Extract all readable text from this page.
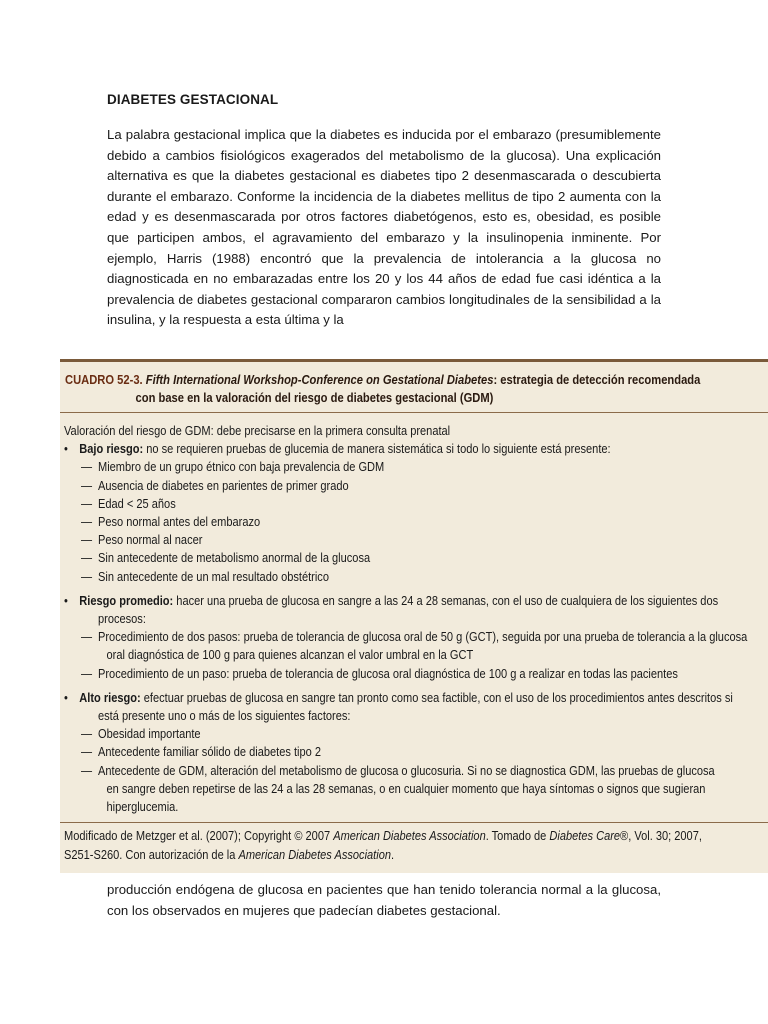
DIABETES GESTACIONAL

La palabra gestacional implica que la diabetes es inducida por el embarazo (presumiblemente debido a cambios fisiológicos exagerados del metabolismo de la glucosa). Una explicación alternativa es que la diabetes gestacional es diabetes tipo 2 desenmascarada o descubierta durante el embarazo. Conforme la incidencia de la diabetes mellitus de tipo 2 aumenta con la edad y es desenmascarada por otros factores diabetógenos, esto es, obesidad, es posible que participen ambos, el agravamiento del embarazo y la insulinopenia inminente. Por ejemplo, Harris (1988) encontró que la prevalencia de intolerancia a la glucosa no diagnosticada en no embarazadas entre los 20 y los 44 años de edad fue casi idéntica a la prevalencia de diabetes gestacional compararon cambios longitudinales de la sensibilidad a la insulina, y la respuesta a esta última y la

CUADRO 52-3. Fifth International Workshop-Conference on Gestational Diabetes: estrategia de detección recomendada
con base en la valoración del riesgo de diabetes gestacional (GDM)
Valoración del riesgo de GDM: debe precisarse en la primera consulta prenatal
• Bajo riesgo: no se requieren pruebas de glucemia de manera sistemática si todo lo siguiente está presente:
— Miembro de un grupo étnico con baja prevalencia de GDM
— Ausencia de diabetes en parientes de primer grado
— Edad < 25 años
— Peso normal antes del embarazo
— Peso normal al nacer
— Sin antecedente de metabolismo anormal de la glucosa
— Sin antecedente de un mal resultado obstétrico
• Riesgo promedio: hacer una prueba de glucosa en sangre a las 24 a 28 semanas, con el uso de cualquiera de los siguientes dos
procesos:
— Procedimiento de dos pasos: prueba de tolerancia de glucosa oral de 50 g (GCT), seguida por una prueba de tolerancia a la glucosa
oral diagnóstica de 100 g para quienes alcanzan el valor umbral en la GCT
— Procedimiento de un paso: prueba de tolerancia de glucosa oral diagnóstica de 100 g a realizar en todas las pacientes
• Alto riesgo: efectuar pruebas de glucosa en sangre tan pronto como sea factible, con el uso de los procedimientos antes descritos si
está presente uno o más de los siguientes factores:
— Obesidad importante
— Antecedente familiar sólido de diabetes tipo 2
— Antecedente de GDM, alteración del metabolismo de glucosa o glucosuria. Si no se diagnostica GDM, las pruebas de glucosa
en sangre deben repetirse de las 24 a las 28 semanas, o en cualquier momento que haya síntomas o signos que sugieran
hiperglucemia.
Modificado de Metzger et al. (2007); Copyright © 2007 American Diabetes Association. Tomado de Diabetes Care®, Vol. 30; 2007,
S251-S260. Con autorización de la American Diabetes Association.

producción endógena de glucosa en pacientes que han tenido tolerancia normal a la glucosa, con los observados en mujeres que padecían diabetes gestacional.
